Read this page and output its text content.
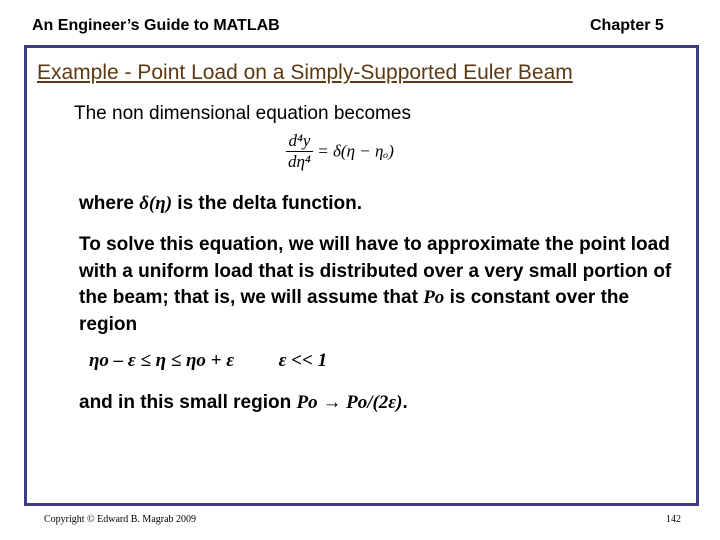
An Engineer’s Guide to MATLAB	Chapter 5
Example - Point Load on a Simply-Supported Euler Beam
The non dimensional equation becomes
$\frac{\text{d⁴y}}{\text{dη⁴}} = \delta(\eta - \eta_o)$
where δ(η) is the delta function.
To solve this equation, we will have to approximate the point load with a uniform load that is distributed over a very small portion of the beam; that is, we will assume that Po is constant over the region
ηo – ε ≤ η ≤ ηo + ε ε << 1
and in this small region Po → Po/(2ε).
Copyright © Edward B. Magrab 2009	142
